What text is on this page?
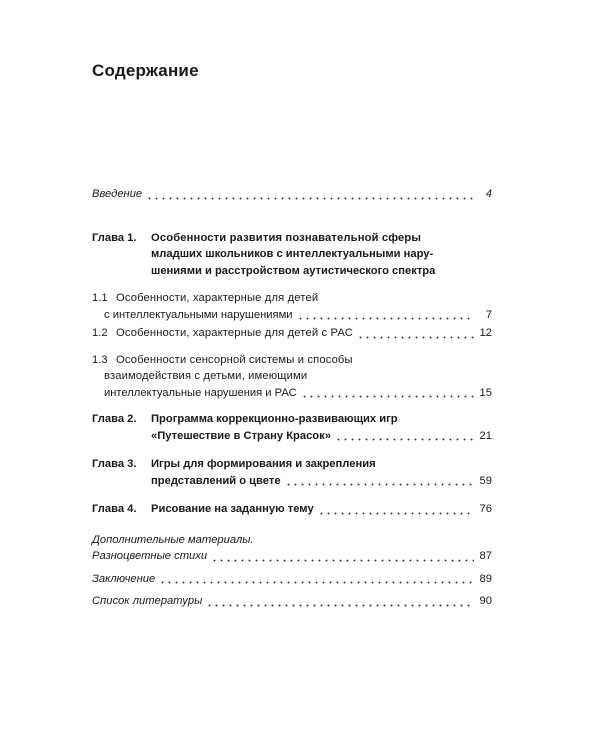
Содержание
Введение	4
Глава 1.	Особенности развития познавательной сферы
младших школьников с интеллектуальными нару-
шениями и расстройством аутистического спектра
1.1 Особенности, характерные для детей
с интеллектуальными нарушениями	7
1.2 Особенности, характерные для детей с РАС	12
1.3 Особенности сенсорной системы и способы
взаимодействия с детьми, имеющими
интеллектуальные нарушения и РАС	15
Глава 2.	Программа коррекционно-развивающих игр
«Путешествие в Страну Красок»	21
Глава 3.	Игры для формирования и закрепления
представлений о цвете	59
Глава 4.	Рисование на заданную тему	76
Дополнительные материалы.
Разноцветные стихи	87
Заключение	89
Список литературы	90
